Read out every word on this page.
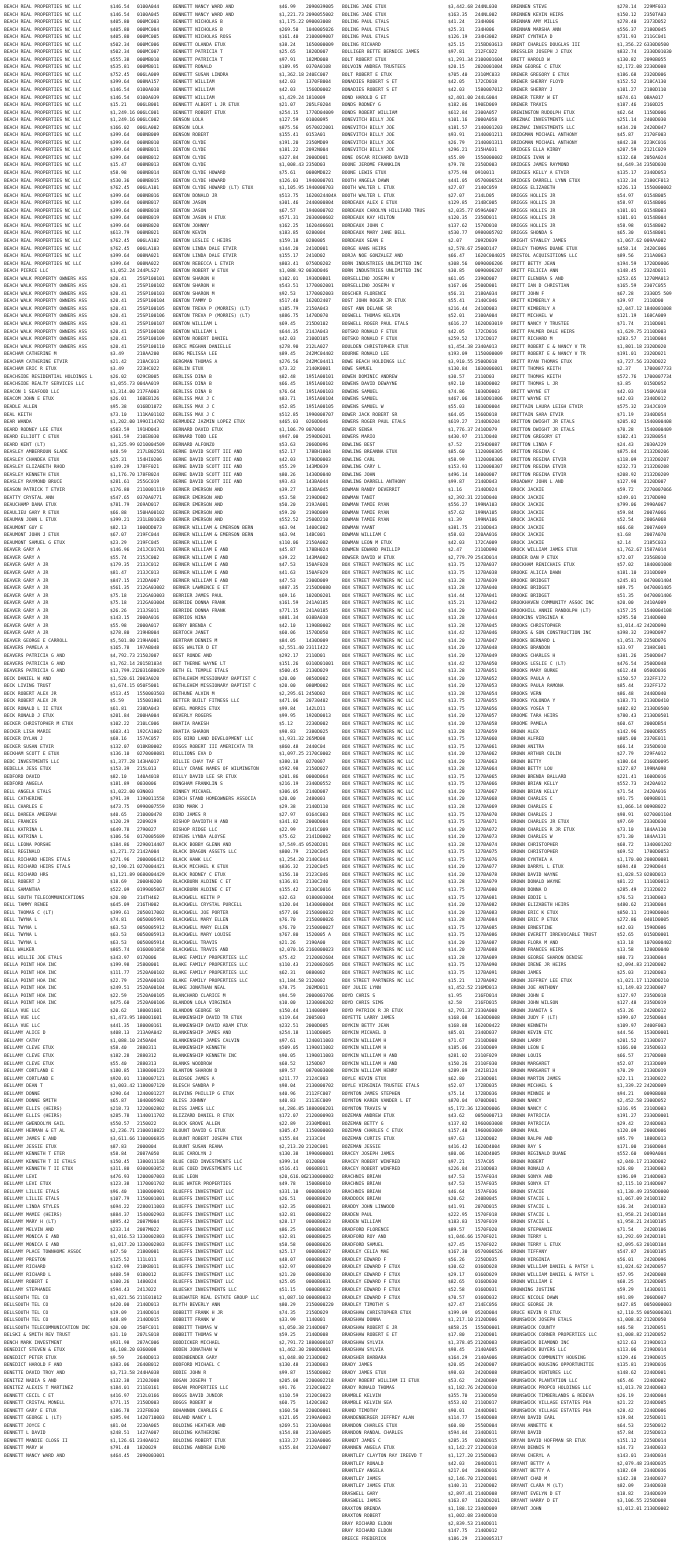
BEACH REAL PROPERTIES NC LLC	$146.54	0100A044
BEACH REAL PROPERTIES NC LLC	$146.54	0100A045
BEACH REAL PROPERTIES NC LLC	$405.80	000MC003
BEACH REAL PROPERTIES NC LLC	$405.80	000MC004
BEACH REAL PROPERTIES NC LLC	$405.80	000MC005
BEACH REAL PROPERTIES NC LLC	$502.34	000MC006
BEACH REAL PROPERTIES NC LLC	$502.34	000MC007
BEACH REAL PROPERTIES NC LLC	$555.38	000MB010
BEACH REAL PROPERTIES NC LLC	$535.81	000MB011
BEACH REAL PROPERTIES NC LLC	$752.45	006LA009
BEACH REAL PROPERTIES NC LLC	$399.64	008NA157
BEACH REAL PROPERTIES NC LLC	$146.54	0100A038
BEACH REAL PROPERTIES NC LLC	$146.54	0100A039
BEACH REAL PROPERTIES NC LLC	$15.21	006LB001
BEACH REAL PROPERTIES NC LLC	$1,249.16 006LC001
BEACH REAL PROPERTIES NC LLC	$1,249.16 006LC002
BEACH REAL PROPERTIES NC LLC	$166.02	006LA002
BEACH REAL PROPERTIES NC LLC	$399.64	008NB009
BEACH REAL PROPERTIES NC LLC	$399.64	008NB010
BEACH REAL PROPERTIES NC LLC	$399.64	008NB011
BEACH REAL PROPERTIES NC LLC	$399.64	008NB012
BEACH REAL PROPERTIES NC LLC	$15.47	008NB013
BEACH REAL PROPERTIES NC LLC	$58.98	008NB014
BEACH REAL PROPERTIES NC LLC	$530.36	008NB015
BEACH REAL PROPERTIES NC LLC	$762.45	006LA101
BEACH REAL PROPERTIES NC LLC	$399.64	008NB016
BEACH REAL PROPERTIES NC LLC	$399.64	008NB017
BEACH REAL PROPERTIES NC LLC	$399.64	008NB018
BEACH REAL PROPERTIES NC LLC	$399.64	008NB019
BEACH REAL PROPERTIES NC LLC	$399.64	008NB020
BEACH REAL PROPERTIES NC LLC	$613.79	008NB021
BEACH REAL PROPERTIES NC LLC	$762.45	006LA102
BEACH REAL PROPERTIES NC LLC	$762.45	006LA103
BEACH REAL PROPERTIES NC LLC	$399.64	008NA021
BEACH REAL PROPERTIES NC LLC	$399.64	008NA022
BEACH PIERCE LLC	$1,052.24 244PLS27
BEACH WALK PROPERTY OWNERS ASS	$20.41	25SP100101
BEACH WALK PROPERTY OWNERS ASS	$20.41	25SP100102
BEACH WALK PROPERTY OWNERS ASS	$20.41	25SP100103
BEACH WALK PROPERTY OWNERS ASS	$20.41	25SP100104
BEACH WALK PROPERTY OWNERS ASS	$20.41	25SP100105
BEACH WALK PROPERTY OWNERS ASS	$20.41	25SP100106
BEACH WALK PROPERTY OWNERS ASS	$20.41	25SP100107
BEACH WALK PROPERTY OWNERS ASS	$20.41	25SP100108
BEACH WALK PROPERTY OWNERS ASS	$20.41	25SP100109
BEACH WALK PROPERTY OWNERS ASS	$20.41	25SP100110
BEACHAM CATHERINE M	$3.49	218AA200
BEACHAM CATHERINE ETVIR	$21.42	218AC013
BEACHAM ERIC R ETUX	$3.49	223HC022
BEACHSIDE RESIDENTIAL HOLDINGS L	$26.02	029CB005
BEACHSIDE REALTY SERVICES LLC	$1,055.73 004AA019
BEACON 1 SEAFOOD LLC	$1,314.00 217FA003
BEACOM JOHN E ETUX	$26.01	16BEB126
BEADLE ALLEN	$95.38	016BD1072
BEAL KEITH	$73.10	111KA01102
BEAR WANDA	$1,202.00 199OI14702
BEARD RODNEY LEE ETUX	$583.59	191HD043
BEARD ELLIOTT C ETUX	$361.59	210EB030
BEARD KENT (LT)	$1,325.99 0210004509
BEASLEY AMBERROUN SLADE	$48.59	217LB02501
BEASLEY CHANDEA ETUX	$25.31	154HI0206
BEASLEY ELIZABETH RHOD	$149.29	178FF021
BEASLEY KENNETH ETUX	$1,176.70 178FB024
BEASLEY RAYMOND BRUCE	$281.61	255GC019
BEASON PATRICK T ETVIR	$176.80	2110001119
BEATTY CRYSTAL ANN	$547.65	0370A0771
BEAUCHAMP DANA ETUX	$781.79	269AD017
BEAULIEU GARY R ETUX	$66.88	150HA00102
BEAUMAN JOHN L ETUX	$399.21	231LB01020
BEAUMONT GUY E	$82.13	1000DD073
BEAUMONT JOHN J ETUX	$67.07	219FC044
BEAUMONT SAMUEL G ETUX	$23.29	219FC045
BEAVER GARY A	$146.96	241JC01701
BEAVER GARY A	$55.74	215JC002
BEAVER GARY A JR	$179.35	213JC012
BEAVER GARY A JR	$81.47	213JC013
BEAVER GARY A JR	$847.15	212DA007
BEAVER GARY A JR	$561.35	212GA03002
BEAVER GARY A JR	$75.18	212GA03003
BEAVER GARY A JR	$75.18	212GA03004
BEAVER GARY A JR	$26.26	213JS011
BEAVER GARY A JR	$143.15	2000A016
BEAVER GARY A JR	$55.98	2000A017
BEAVER GARY A JR	$278.80	219HB004
BEAVER GEORGE E CARROLL	$5,501.80 219HA001
BEAVERS PAMELA A	$165.78	197AB048
BEAVERS PATRICIA G AND	$4,792.73 2150J007
BEAVERS PATRICIA G AND	$1,762.14 2015B1034
BEAVERS PATRICIA G AND	$13,799.21 20316B0029
BECK DANIEL W AND	$1,520.61 2003A020
BECK LIVING TRUST	$1,674.15 050F5001
BECK ROBERT ALEX JR	$513.45	1550003503
BECK ROBERT ALEX JR	$5.59	155001801
BECK RONALD L II ETUX	$61.81	238DA043
BECK RONALD J ETUX	$201.84	200HA004
BECKER CHRISTOPHER M ETUX	$102.22	210LC006
BECKER LISA MARIE	$603.41	192CA1002
BECKER DYLAN J	$68.16	157AC057
BECKER SUSAN ETVIR	$132.07	018KB0002
BECKHAM SCOTT E ETUX	$136.10	0270008081
BEDC INVESTMENTS LLC	$1,377.28 143HA017
BEDELLA JESS ETUX	$153.39	215L013
BEDFORD DAVID	$82.10	140A4018
BEDFORD ANGELA	$181.89	0030006
BELL ANGELA ETALS	$1,022.00 03N003
BELL CATHERINE	$791.39	1190011558
BELL CHARLES E	$473.75	0990007559
BELL DAREEA AMEERAH	$40.65	210000478
BELL FRANCES	$120.29	2209029
BELL KATRINA L	$649.78	2790027
BELL KATRINA L	$106.56	0170005689
BELL LEONA PORSHE	$184.86	2290014407
BELL REGINALD	$1,271.72 2142A004
BELL RICHARD HEIRS ETALS	$271.96	2000006412
BELL RICHARD HEIRS ETALS	$2,190.21 0270004421
BELL RICHARD HRS	$1,121.89 0680004429
BELL ROBERT J	$18.69	2000H0200
BELL SAMANTHA	$522.09	0199005067
BELL SOUTH TELECOMMUNICATIONS	$20.80	214TH462
BELL TAMMY RENEE	$645.09	216TH002
BELL THOMAS C (LT)	$399.61	2050017002
BELL TWYNA L	$74.81	0050005991
BELL TWYNA L	$63.53	0050005912
BELL TWYNA L	$63.53	0050005913
BELL TWYNA L	$63.53	0050005914
BELL WALKER	$865.74	0160001058
BELL WILLIE JOE ETALS	$343.97	0170006
BELLA POINT HOA INC	$199.98	25800001
BELLA POINT HOA INC	$111.77	2520A00102
BELLA POINT HOA INC	$22.79	2520A00103
BELLA POINT HOA INC	$249.51	2520A00104
BELLA POINT HOA INC	$22.59	2520A00105
BELLA POINT HOA INC	$475.60	2520A00106
BELLA VUE LLC	$20.62	180001601
BELLA VUE LLC	$1,473.95 180001601
BELLA VUE LLC	$441.35	180000161
BELLAMY ALICE D	$408.13	213A0A042
BELLAMY CATHY	$1,088.10 2450A04
BELLAMY CLEVE ETUX	$58.40	2880311
BELLAMY CLEVE ETUX	$182.28	2880312
BELLAMY CLEVE ETUX	$55.40	2880313
BELLAMY CORTLAND E	$180.85	1180000123
BELLAMY CORTLAND E	$920.01	1180007121
BELLAMY DEAN T	$1,003.42 1180007120
BELLAMY DONNE	$290.64	1240001227
BELLAMY DONNE SMITH	$65.87	1040005902
BELLAMY ELLIS (HEIRS)	$218.73	1220002802
BELLAMY ELLIS (HEIRS)	$285.78	1140011702
BELLAMY GWENDOLYN GAIL	$550.57	2150022
BELLAMY HERMAN & ET AL	$2,236.71 2100010822
BELLAMY JAMES E AND	$3,611.66 1100006835
BELLAMY JESSIE ETUX	$87.83	2000004
BELLAMY KENNETH T ETER	$58.84	2087A050
BELLAMY KENNETH T II ETALS	$150.45	1380011138
BELLAMY KENNETH T II ETUX	$311.80	0300003052
BELLAMY LEVI	$476.93	1200007003
BELLAMY LEVI ETUX	$123.38	1170001702
BELLAMY LILLIE ETALS	$96.40	1100000901
BELLAMY LILLIE ETALS	$107.79	1150001001
BELLAMY LINDA STYLES	$694.22	2280011003
BELLAMY MAMIE (HEIRS)	$884.37	1540002903
BELLAMY MARY H (LT)	$895.42	2087M004
BELLAMY MELVIN AND	$233.14	2087M022
BELLAMY MONICA E AND	$1,016.53 1330002803
BELLAMY MONICA E AND	$1,017.20 1330002803
BELLAMY PLACE TOWNHOME ASSOC	$47.50	21800001
BELLAMY PRESTON	$125.52	111L011
BELLAMY RICHARD	$142.99	218KB011
BELLAMY RICHARD L	$408.59	0180012
BELLAMY ROBERT E	$100.26	1480024
BELLAMY STEPHANIE	$594.43	241J022
BELLSOUTH TEL CO	$1,021.56 211E01012
BELLSOUTH TEL CO	$420.00	2140D013
BELLSOUTH TEL CO	$19.09	2140D014
BELLSOUTH TEL CO	$48.89	2140D015
BELLSOUTH TELECOMMUNICATION INC	$20.00	250FC011
BELSKI & SMITH REV TRUST	$31.10	207LS018
BENCH MARK INVESTMENT	$931.98	287AC006
BENEDICT STEVEN & ETUX	$6,108.20 0360008
BENEDICT PETER ETUX	$9.59	2640D013
BENEDICT HAROLD F AND	$383.06	2640B012
BENETTE DAVID TROY AND	$3,713.58 244HA038
BENITEZ NADIA S AND	$132.38	2120J008
BENITEZ ALEXIS T MARTINEZ	$184.01	211E0161
BENNETT CECIL C ET	$416.97	212L0166
BENNETT CRISTAL MONELL	$771.15	2150D003
BENNETT GARY E ETUX	$186.78	232FB030
BENNETT GEORGE L (LT)	$395.94	1420710003
BENNETT JOYCE C	$81.04	2230A065
BENNETT L DAVID	$248.51	1427A007
BENNETT MANDIE CLOSS II	$1,126.61 2340A012
BENNETT MARY W	$791.48	1820029
BENNETT NANCY WARD AND	$464.45	2090003001
BENNETT NANCY WARD AND	$46.99	2090039005
BENNETT NANCY WARD AND	$1,221.73 2090055002
BENNETT NICHOLAS B	$1,175.22 090003008
BENNETT NICHOLAS B	$269.50	1040005026
BENNETT NICHOLAS ROSS	$161.40	2100009007
BENNETT OLANDA ETUX	$38.24	1650000009
BENNETT PATRICIA T	$25.65	1820D007
BENNETT PATRICIA T	$97.91	182MD008
BENNETT RONALD	$189.95	0370A0108
BENNETT SUSAN LINDRA	$1,362.18 240EC007
BENNETT WILLIAM	$42.03	1370FB004
BENNETT WILLIAM	$42.03	1560D0002
BENNETT WILLIAM	$1,429.24 1810009
BENNETT ALBERT L JR ETUX	$21.07	205LF0204
BENNETT ROBERT ETUX	$254.15	1770D04009
BENSON LOLA	$127.59	01000095
BENSON LOLA	$875.56	0570022001
BENSON ROBERT	$155.41	0153A01
BENTON CLYDE	$191.20	2350MD09
BENTON CLYDE	$181.22	2092N004
BENTON CLYDE	$327.84	2000D001
BENTON CLYDE	$1,008.43 2350D03
BENTON CLYDE HOWARD	$75.61	0080MD022
BENTON CLYDE HOWARD	$126.03	1940000701
BENTON CLYDE HOWARD (LT) ETUX	$1,105.95 1940000703
BENTON DONALD JR	$513.75	1620024404A
BENTON JASON	$301.46	2440000804
BENTON JASON	$67.57	1940000702
BENTON JASON H ETUX	$571.31	2030000602
BENTON JOHNNY	$162.25	1620406601
BENTON KEVIN	$183.85	0280004
BENTON LESLIE C HEIRS	$159.18	0280005
BENTON LINDA DALE ETVIR	$144.20	2410D001
BENTON LINDA DALE ETVIR	$155.17	2410D02
BENTON REBECCA L ETVIR	$803.41	0750D0202
BENTON ROBERT W ETUX	$1,088.92 0030D046
BENTON SHARON H	$102.01	1930D0B01
BENTON SHARON H	$543.51	1770002001
BENTON SHARON M	$92.53	1770002003
BENTON TAMMY D	$517.40	1620D2407
BENTON TREVA P (MORRIS) (LT)	$185.79	2150A043
BENTON TREVA P (MORRIS) (LT)	$886.75	1470D070
BENTON WILLIAM L	$69.45	215D0102
BENTON WILLIAM L	$644.35	214JA043
BENTON ROBERT DANIEL	$42.03	2100D105
BERCE MEGHAN DANIELLE	$278.90	212LA027
BERG MELISSA LEE	$89.45	242MC04402
BERGMAN THOMAS A	$276.56	242MC04411
BERLIN ETUX	$73.32	2140K0001
BERLISS DINA B	$82.48	1951A00101
BERLISS DINA B	$66.45	1951A00102
BERLISS DINA B	$76.64	1951A00103
BERLISS MAX J C	$83.71	1951A00104
BERLISS MAX J C	$52.85	1951A00105
BERLISS MAX J C	$512.85	1990008707
BERMUDEZ JAZMIN LOPEZ ETUX	$465.03	0260D046
BERNARD DAVID ETUX	$1,106.79 0070004
BERNARD TODD LEE	$947.00	2590D0201
BERNARD ALFONZO	$53.63	2060D096
BERNE DAVID SCOTT III AND	$52.17	178BH1004
BERNE DAVID SCOTT III AND	$42.03	1780D0003
BERNE DAVID SCOTT III AND	$55.29	143MD039
BERNE DAVID SCOTT III AND	$80.26	1430D0040
BERNE DAVID SCOTT III AND	$93.43	143BA044
BERNER EMERSON AND	$39.27	143BA045
BERNER EMERSON AND	$53.58	2190D002
BERNER EMERSON AND	$50.20	219JA001
BERNER EMERSON AND	$59.20	2190D009
BERNER EMERSON AND	$552.52	2500D210
BERNER WILLIAM & EMERSON BERN	$63.94	1400C002
BERNER WILLIAM & EMERSON BERN	$63.94	14BC001
BERNER WILLIAM E	$110.06	2150A002
BERNER WILLIAM E AND	$45.87	178BH024
BERNER WILLIAM E AND	$39.22	143MA002
BERNER WILLIAM E AND	$47.53	150AF028
BERNER WILLIAM E AND	$41.63	150AF029
BERNER WILLIAM E AND	$47.53	2300D009
BERNER LAWRENCE E ET	$887.35	2150D0080
BERRIER JAMES PAUL	$69.16	1020D0201
BERRIDE DONNA FRANK	$161.59	241A0185
BERRIDE DONNA FRANK	$771.15	241A0185
BERRIOS NINA	$881.34	038BA038
BERRY BRENDA C	$42.10	1190B0002
BERTOCH JANET	$60.06	1570D050
BERTRAM DENNIS M	$84.05	1430D009
BESS WALTER D ET	$2,551.40 2311I422
BEST RONDE AND	$292.17	2110D01
BET THERNE WAYNE LT	$151.26	0310D01001
BETH EL TEMPLE ETALS	$500.45	2130D029
BETHLEHEM MISSIONARY BAPTIST C	$20.00	0850D002
BETHLEHEM MISSIONARY BAPTIST C	$20.00	080MD002
BETHUNE ALVIN M	$2,295.61 2450D02
BETTER BUILT FITNESS LLC	$471.06	20730402
BEVEL MORRIS ETUX	$99.84	142LD11
BEVERLY ROGERS	$99.95	1920D0013
BHATIA RAKESH	$5.12	2230D002
BHATIA SHARON	$98.83	2380D025
BIG BIRD LAND DEVELOPMENT LLC	$1,931.32 265MD08
BIGGS ROBERT III AMERICATA TR	$860.48	2440C04
BILLIONS EVA D	$1,097.25 2170C0002
BILLIE CHAY TAF ET	$380.18	0270007
BILLY CRANE NAMES OF WILMINGTON	$592.98	2150D027
BILLY DAVID LEE SR ETUX	$201.86	0000D064
BINGHAM FRANKLIN S	$216.19	2340D0552
BINNEY MICHAEL	$306.05	2140D087
BIRCH STAND HOMEOWNERS ASSOCIA	$20.00	2480003
BIRD MARK J	$29.38	2140D110
BIRD JAMES R	$27.97	0164C003
BISHOP DAVIDTH H AND	$341.82	2000D004
BISHOP RIDGE LLC	$22.99	2141C009
BIVENS LYNDA ALOYSE	$75.62	2141D0002
BLACK BOBBY GLENN AND	$7,549.45 0520D201
BLACK DRAGON ASSETS LLC	$800.79	2120C045
BLACK HAWK LLC	$1,254.20 2140C044
BLACK MICHAEL K ETUX	$836.32	2120C045
BLACK RODNEY C ETUX	$156.10	2123C046
BLACKBURN ALDINE C ET	$136.81	2130C240
BLACKBURN ALDINE C ET	$155.42	2130C0016
BLACKWELL KEITH P	$32.63	0180003004
BLACKWELL CRYSTAL PURCELL	$120.04	1430000004
BLACKWELL JOE PORTER	$577.06	2150000032
BLACKWELL MARY ELLEN	$76.70	2150000026
BLACKWELL MARY ELLEN	$76.70	2150000027
BLACKWELL MARY LOUISE	$767.80	1520005 A
BLACKWELL TRAVIS	$21.26	2190A00
BLACKWELL TRAVIS AND	$2,070.16 2160000023
BLAKE FAMILY PROPERTIES LLC	$75.42	2120002604
BLAKE FAMILY PROPERTIES LLC	$110.43	2120002605
BLAKE FAMILY PROPERTIES LLC	$62.31	0880002
BLAKE FAMILY PROPERTIES LLC	$1,184.58 2120002
BLAKE JONATHAN NEAL	$78.75	202MD011
BLANCHARD CLARICE M	$94.59	2000003706
BLANDON LOLA VIRGINIA	$10.00	1230000202
BLANDON GEORGE SR	$150.44	11400009
BLANKENSHIP DAVID TR ETUX	$119.64	2005003
BLANKENSHIP DAVID ADAM ETUX	$232.51	2000D005
BLANKENSHIP JAMES AND	$254.18	1110D0005
BLANKENSHIP JAMES CALVIN	$97.61	1240011003
BLANKENSHIP KENNETH	$509.05	1190011002
BLANKENSHIP KENNETH INC	$90.05	1190011003
BLANKS WOODROW	$68.52	1250D07
BLANTON SHARON D	$89.57	0870003008
BLEDSOE JAMES A	$211.77	2124C003
BLESCH SANDRA P	$98.04	2130000702
BLEVINS PHILLIP G ETUX	$40.96	2112FC007
BLISS JOHNNY	$40.83	2113EC009
BLISS JAMES LLC	$4,286.85 1880000201
BLIZZARD DANIEL R ETUX	$172.07	2120000903
BLOCK GROVE ALLEN	$22.89	2330MD001
BLOUNT DAVID G ETUX	$305.47	1150000003
BLOUNT ROBERT JOSEPH ETUX	$155.84	2133C04
BLOUNT SUSAN REANA	$2,213.20 2120C001
BLUE CAROLYN J	$130.38	1990000001
BLUE COED INVESTMENTS LLC	$399.14	0120B00
BLUE COED INVESTMENTS LLC	$516.41	0060B011
BLUE LEON	$20,616.06 2130000002
BLUE WATER PROPERTIES	$49.78	1500B0010
BLUEFFS INVESTMENT LLC	$331.10	0000B0019
BLUEFFS INVESTMENT LLC	$26.51	0000B0020
BLUEFFS INVESTMENT LLC	$32.35	0000B0021
BLUEFFS INVESTMENT LLC	$32.81	0000B0022
BLUEFFS INVESTMENT LLC	$28.17	0000B0023
BLUEFFS INVESTMENT LLC	$86.25	0000B0024
BLUEFFS INVESTMENT LLC	$32.81	0000B0025
BLUEFFS INVESTMENT LLC	$58.58	0000B0026
BLUEFFS INVESTMENT LLC	$25.17	0000B0027
BLUEFFS INVESTMENT LLC	$48.07	0000B0028
BLUEFFS INVESTMENT LLC	$32.97	0000B0029
BLUEFFS INVESTMENT LLC	$21.20	0000B0030
BLUEFFS INVESTMENT LLC	$25.05	0000B0031
BLUESKY INVESTMENTS LLC	$51.15	0000B0032
BLUEWATER REAL ESTATE GROUP LLC	$1,087.10 0000B0033
BLYTH BEVERLY ANN	$80.29	2150000220
BOBBITT FRANK H JR	$74.35	2150D029
BOBBITT FRANK W	$33.99	1140001
BOBBITT THOMAS W	$1,050.38 2140D007
BOBBITT THOMAS W	$59.25	2140D008
BODDICKER MICHAEL	$2,791.72 1880000107
BODEN JONATHAN W	$1,462.30 2000D0001
BODENBENDER GARY	$1,048.80 2130D002
BODFORD MICHAEL C	$130.48	2130D003
BODIE JOHN R	$99.87	1550D0002
BOGAN JOSEPH T	$205.08	2200002218
BOGAN PROPERTIES LLC	$91.76	2120C0022
BOGGS DAVID JUNIOR	$110.59	2120C0023
BOGGS ROBERT W	$60.75	1420C002
BOHANNON CHARLES E	$160.50	2200D0001
BOLAND NANCY L	$121.05	2190A0003
BOLDING HEATHER AND	$269.51	2130A0004
BOLDING KATHERINE	$154.88	2130A0005
BOLDING ROBERT ETUX	$133.27	2130A0006
BOLDING ANDREW ELMO	$155.84	2120A0007
BOLING JADE ETUX	$3,442.68 244NL030
BOLING JADE ETUX	$163.35	244NL002
BOLING PAUL ETALS	$41.24	234H006
BOLING PAUL ETALS	$25.31	234H006
BOLING PAUL ETALS	$126.19	234H3002
BOLING RICHARD	$25.15	215BD03613
BOLLIGER BETTE BERNICE JAMES	$97.81	212FC022
BOLT ROBERT ETUX	$1,291.34 2100001604
BOLVOIN ANDREA TRUSTEES	$20.15	2020001004
BOLT ROBERT E ETUX	$705.40	2310MC033
BONADIES ROBERT S ET	$42.05	172CD018
BONADIES ROBERT S ET	$42.03	1580007012
BOND HAROLD G ET	$2,401.00 244LG004
BONDS RODNEY G	$182.86	190ED069
BONDS ROBERT WILLIAM	$612.84	2300A057
BONEVITCH BILLY JOE	$101.16	2000A058
BONEVITCH BILLY JOE	$181.57	2140001203
BONEVITCH BILLY JOE	$93.91	2140001211
BONEVITCH BILLY JOE	$26.79	2140001311
BONEVITCH BILLY JOE	$296.21	215HA031
BONE OSCAR RICHARD DAVID	$55.89	1550000002
BOONE JEROME FRANKLIN	$79.78	2350D003
BOONE LEWIS ETUX	$775.98	0910011
BOOTH ANGELA DAWN	$441.05	0570006524
BOOTH WALTER L ETUX	$27.07	2140C059
BOOTH WALTER L ETUX	$27.07	214LD05
BORDEAUX ALEX E ETUX	$129.85	214BC005
BORDEAUX CAROLYN HILLIARD TRUS	$2,035.77 0596A007
BORDEAUX KAY HILTON	$120.35	2350D011
BORDEAUX JOHN C	$137.62	1570D010
BORDEAUX MARY JANE BELL	$530.77	0980005702
BORDEAUX SEAN E	$2.07	2092D039
BORGE HANS HEIRS	$2,578.67 2500D147
BORJA NOE GONZALEZ AND	$66.47	1620C004025
BORN INDUSTRIES UNLIMITED INC	$308.56	0090006206
BORN INDUSTRIES UNLIMITED INC	$30.85	0090006207
BORSELLINO JOSEPH V	$61.05	2390D007
BORSELLINO JOSEPH V	$167.06	2500D001
BOSCHER FLORENCE	$56.31	2180A034
BOST JOHN ROGER JR ETUX	$55.41	2140C046
BOST ANN DELANE SR	$216.44	2410D003
BOSWELL THOMAS KELVIN	$52.01	2100A004
BOSWELL ROGER PAUL ETALS	$616.27	1620D03019
BOTSKO RONALD F ETUX	$42.05	172CD016
BOTSKO RONALD F ETUX	$259.52	172CD017
BOULDEN CHRISTOPHER ETUX	$1,454.38 2340A013
BOURNE RONALD LEE	$193.09	1150000009
BOWE BEACH HOLDINGS LLC	$3,910.55 2500D018
BOWE SAMUEL	$130.84	1030006001
BOWEN DOMINIC ANDREW	$30.57	2110D03
BOWENS DAVID DEWAYNE	$92.10	1030D0002
BOWENS SAMUEL	$74.86	1030D0003
BOWENS SAMUEL	$467.06	1810D01806
BOWENS SAMUEL W	$55.03	1030D0004
BOWER JACK ROBERT SR	$64.05	1560D018
BOWERS ROGER PAUL ETALS	$619.27	2140D0204
BOWER SENSA	$1,776.37 2410D079
BOWERS MARIO	$430.97	211JD040
BOWLING BEST	$7.52	215HD0087
BOWLING BREANNA ETUX	$85.60	1120000305
BOWLING CARL	$58.99	1120000306
BOWLING CARY L	$153.93	1120000307
BOWLING JOHN	$496.14	14000007
BOWLING DARRELL ANTHONY	$99.87	2140D043
BOWMAN RANDY DEVERRIT	$1.16	2140D024
BOWMAN TANIT	$2,392.31 2210D040
BOWMAN TAMIE RYAN	$556.27	199NA103
BOWMAN TAMIE RYAN	$57.62	199NA105
BOWMAN TAMIE RYAN	$1.39	199NA106
BOWMAN YAANT	$381.75	2110D043
BOWMAN WILLIAM C	$58.03	220AA016
BOWMAN LEON M ETUX	$42.03	172CA009
BOWMEN EDWARD PHILLIP	$2.47	2110D090
BOWSER DAVID W ETUX	$2,779.79 2543D014
BOX STREET PARTNERS NC LLC	$13.75	127BA037
BOX STREET PARTNERS NC LLC	$13.75	127BA038
BOX STREET PARTNERS NC LLC	$13.28	127BA039
BOX STREET PARTNERS NC LLC	$13.28	127BA040
BOX STREET PARTNERS NC LLC	$14.44	127BA041
BOX STREET PARTNERS NC LLC	$15.21	127BA042
BOX STREET PARTNERS NC LLC	$14.20	127BA043
BOX STREET PARTNERS NC LLC	$13.28	127BA044
BOX STREET PARTNERS NC LLC	$13.28	127BA045
BOX STREET PARTNERS NC LLC	$14.42	127BA046
BOX STREET PARTNERS NC LLC	$14.20	127BA047
BOX STREET PARTNERS NC LLC	$14.20	127BA048
BOX STREET PARTNERS NC LLC	$14.20	127BA049
BOX STREET PARTNERS NC LLC	$14.42	127BA050
BOX STREET PARTNERS NC LLC	$13.28	127BA051
BOX STREET PARTNERS NC LLC	$14.20	127BA052
BOX STREET PARTNERS NC LLC	$14.20	127BA053
BOX STREET PARTNERS NC LLC	$13.28	127BA054
BOX STREET PARTNERS NC LLC	$13.75	127BA055
BOX STREET PARTNERS NC LLC	$13.75	127BA056
BOX STREET PARTNERS NC LLC	$14.20	127BA057
BOX STREET PARTNERS NC LLC	$14.20	127BA058
BOX STREET PARTNERS NC LLC	$13.28	127BA059
BOX STREET PARTNERS NC LLC	$13.75	127BA060
BOX STREET PARTNERS NC LLC	$13.75	127BA061
BOX STREET PARTNERS NC LLC	$14.20	127BA062
BOX STREET PARTNERS NC LLC	$14.20	127BA063
BOX STREET PARTNERS NC LLC	$13.28	127BA064
BOX STREET PARTNERS NC LLC	$13.75	127BA065
BOX STREET PARTNERS NC LLC	$13.75	127BA066
BOX STREET PARTNERS NC LLC	$14.20	127BA067
BOX STREET PARTNERS NC LLC	$14.20	127BA068
BOX STREET PARTNERS NC LLC	$13.28	127BA069
BOX STREET PARTNERS NC LLC	$13.75	127BA070
BOX STREET PARTNERS NC LLC	$13.75	127BA071
BOX STREET PARTNERS NC LLC	$14.20	127BA072
BOX STREET PARTNERS NC LLC	$14.20	127BA073
BOX STREET PARTNERS NC LLC	$13.28	127BA074
BOX STREET PARTNERS NC LLC	$13.75	127BA075
BOX STREET PARTNERS NC LLC	$13.75	127BA076
BOX STREET PARTNERS NC LLC	$14.20	127BA077
BOX STREET PARTNERS NC LLC	$14.20	127BA078
BOX STREET PARTNERS NC LLC	$13.28	127BA079
BOX STREET PARTNERS NC LLC	$13.75	127BA080
BOX STREET PARTNERS NC LLC	$13.75	127BA081
BOX STREET PARTNERS NC LLC	$14.20	127BA082
BOX STREET PARTNERS NC LLC	$14.20	127BA083
BOX STREET PARTNERS NC LLC	$13.28	127BA084
BOX STREET PARTNERS NC LLC	$13.75	127BA085
BOX STREET PARTNERS NC LLC	$13.75	127BA086
BOX STREET PARTNERS NC LLC	$14.20	127BA087
BOX STREET PARTNERS NC LLC	$14.20	127BA088
BOX STREET PARTNERS NC LLC	$13.28	127BA089
BOX STREET PARTNERS NC LLC	$13.75	127BA090
BOX STREET PARTNERS NC LLC	$13.75	127BA091
BOX STREET PARTNERS NC LLC	$15.21	127BA092
BOY JULIE LYNN	$1,452.52 216MD013
BOYD CHRIS S	$1.95	216FD014
BOYD CHRIS SIMS	$2.58	216FD015
BOYD PATRICK R JR ETUX	$2,791.37 2330A008
BOYETTE LARRY JAMES	$168.08	1630D0008
BOYKIN BETTY JEAN	$168.88	1620D0422
BOYKIN MICHAEL D	$85.01	2340D037
BOYKIN WILLIAM H	$71.67	2310D008
BOYKIN WILLIAM H	$185.06	2310D009
BOYKIN WILLIAM H AND	$281.02	2310F029
BOYKIN WILLIAM H AND	$150.26	2310F030
BOYKIN WILLIAM HENRY	$289.89	2421B124
BOYLE KEVIN ETUX	$62.80	2130D001
BOYLE VIRGINIA TRUSTEE ETALS	$52.07	172BD035
BOYNTON JAMES STEPHEN	$75.14	172BD036
BOYNTON KAREN VANDER L ET	$870.04	0700D001
BOYNTON TRAVIS W	$5,172.36 1230D0006
BOZEMAN ANDREW ETUX	$43.62	0050000713
BOZEMAN BETTY G	$137.82	1960003008
BOZEMAN CHARLES C ETUX	$157.48	1960003009
BOZEMAN CURTIS ETUX	$97.63	1320D002
BOZEMAN JESSIE	$416.42	1620D4004
BRACEY JOSEPH JAMES	$80.06	1620D4005
BRACEY ROBERT WINFRED	$97.21	157AC05
BRACEY ROBERT WINFRED	$226.84	2110D003
BRACHNIS BRIAN	$47.53	157AF034
BRACHNIS BRIAN	$47.53	157AF035
BRACHNIS BRIAN	$46.64	157AF036
BRADDOCK BRIAN	$20.62	240B0045
BRADDY JOHN LINWOOD	$41.91	2070D015
BRADEN PAUL	$222.95	1570F018
BRADEN WILLIAM	$183.83	1570F019
BRADFORD FLORENCE	$89.57	1570F020
BRADFORD ROY AND	$1,046.66 1570F021
BRADFORD SAMUEL	$27.45	1570F022
BRADLEY CELIA MAE	$167.30	0570006526
BRADLEY EDWARD F	$56.26	2250D035
BRADLEY EDWARD F ETUX	$30.62	0160D028
BRADLEY EDWARD F ETUX	$29.17	0160D029
BRADLEY EDWARD F ETUX	$82.65	0160D030
BRADLEY EDWARD F ETUX	$52.58	0160D031
BRADLEY EDWARD F ETUX	$70.57	0160D032
BRADLEY TIMOTHY S	$27.47	214EC056
BRADSHAW CHRISTOPHER ETUX	$199.09	0520D004
BRADSHAW DONNA	$1,217.10 2120D006
BRADSHAW ROBERT E JR	$858.25	1550D0001
BRADSHAW ROBERT E ET	$17.80	2120D001
BRADSHAW SYLVIA	$1,378.05 2120D003
BRADSHAW SYLVIA	$98.45	2140A005
BRADSHER BARBARA	$164.29	2140A006
BRADY JAMES	$20.85	2420D007
BRADY JAMES ETUX	$98.03	2420D008
BRADY ROBERT WILLIAM II ETUX	$53.62	2420D009
BRADY RONALD THOMAS	$1,182.76 2420D010
BRAMBLE KELVIN	$355.70	2130D050
BRAMBLE KELVIN SEA	$553.02	2110D017
BRAND TIMOTHY	$90.01	2440D001
BRANDENBERGER JEFFREY ALAN	$114.77	1540D008
BRANDON CHARLES ETUX	$60.80	2550D004
BRANDON RANDAL CHARLES	$594.84	2340D011
BRANDT JAMES C	$285.35	0280D015
BRANNEN ANGELA ETUX	$1,142.27 2120D018
BRANTLEY CLAYTON RAY IREEVD T	$1,127.20 2150D003
BRANTLEY RONALD	$42.03	2040D011
BRANTLEY ANGELA	$217.04	2040D016
BRANTLEY JAMES	$2,146.70 2120D001
BRANTLEY JAMES ETUX	$140.31	2120D002
BRASWELL GARY	$2,897.41 2140D008
BRASWELL JAMES	$163.87	1620D0201
BRAXTON BRENDA	$1,188.12 2340D009
BRAXTON ROBERT	$1,002.08 2340D010
BRAY RICHARD ELDON	$2,839.53 2140D011
BRAY RICHARD ELDON	$147.75	2140D012
BREECE FREDERICK	$186.29	2130005317
BRENNEN STEVE	$278.14	229MF033
BRENNEN KEVIN HEIRS	$150.12	2350TA03
BRENNAN AMY MILLS	$278.40	2373D052
BRENNAN MARSHA ANN	$556.37	2180D045
BRENT CYNTHIA D	$731.93	211GC041
BRENT CHARLES DOUGLAS III	$1,356.22 6330D0500
BRESSLER JOSEPH J ETUX	$832.74	2330D01030
BRETT HAROLD W	$130.82	2090B055
BREW GEORGE C ETUX	$2,172.08 2230D008
BREWER GREGORY E ETUX	$186.68	2320D006
BREWER SHERRY FLOYD	$152.52	218CA130
BREWER SHERRY J	$101.27	2180D110
BREWER TERRY W ET	$674.61	0BAA017
BREWER TRAVIS	$187.46	2160D25
BREWINGTON RUDOLPH ETUX	$62.64	1150D006
BREZNAC INVESTMENTS LLC	$251.14	2400D030
BREZNAC INVESTMENTS LLC	$434.20	2420D047
BRIDGMAN MICHAEL ANTHONY	$45.87	2170F003
BRIDGMAN MICHAEL ANTHONY	$842.38	223KC016
BRIDGES ELLA KIRBY	$207.59	2121C029
BRIDGES IVAN W	$132.68	2050A024
BRIDGES JAMES RAYMOND	$4,649.34 2350D030
BRIDGES KELLY A ETVIR	$135.17	2340D053
BRIDGES DARRELL LYNN ETUX	$132.34	2180CF013
BRIGGS ELIZABETH	$226.13	1550000002
BRIGGS HOLLIS JR	$54.97	0154B005
BRIGGS HOLLIS JR	$58.97	0154B006
BRIGGS HOLLIS JR	$101.01	0154B003
BRIGGS HOLLIS JR	$101.01	0154B004
BRIGGS HOLLIS JR	$58.98	0154B002
BRIGGS SHONDA S	$65.30	0154B001
BRIGHT STANLEY JAMES	$1,067.62 009AA002
BRILEY THOMAS DUANE ETUX	$458.14	2420C006
BRISTOL ACQUISITIONS LLC	$89.56	211A0063
BRITT BETTY JEAN	$194.59	1720D0006
BRITT FELICIA ANN	$148.45	2324D011
BRITT ELENORA S AND	$253.65	1270MA013
BRITT IAN D CHRISTIAN	$165.59	2307C055
BRITT JOHN F	$67.28	2330D5 509
BRITT KIMBERLY A	$39.97	2110D00
BRITT KIMBERLY A	$2,047.12 1840001008
BRITT MICHAEL W	$121.19	168CA009
BRITT NANCY Y TRUSTEE	$71.74	2110D001
BRITT PALMER DALE HEIRS	$1,629.75 2110D003
BRITT RICHARD M	$283.57	2110D004
BRITT ROBERT E & NANCY V TR	$1,801.18 2320D020
BRITT ROBERT E & NANCY V TR	$191.01	2320D021
BRITT RYAN THOMAS ETUX	$3,727.56 2320D022
BRITT THOMAS KEITH	$2.37	1700007733
BRITT THOMAS KEITH	$572.76	1700007734
BRITT THOMAS L JR	$3.85	0150D052
BRITT WAYNE ET	$42.03	156KA018
BRITT WAYNE ET	$42.03	2340D012
BRITTAIN LAURA LEIGH ETVIR	$575.32	234JC019
BRITTAIN SARA ETVIR	$71.19	2340D054
BRITTON DWIGHT JR ETALS	$205.82	1540000408
BRITTON DWIGHT JR ETALS	$70.28	1540000409
BRITTON GREGORY ET	$102.41	232B0054
BRITTON LINDA F	$24.43	2030A229
BRITTON REGINA C	$875.84	2132D0206
BRITTON REGINA ETVIR	$118.09	2132D0207
BRITTON REGINA ETVIR	$232.73	2132D0208
BRITTON REGINA ETVIR	$208.92	2132D0209
BROADWAY JOHN L AND	$127.98	2120D007
BROCK JACKIE	$59.72	2270007066
BROCK JACKIE	$249.01	2170D090
BROCK JACKIE	$799.06	2990A067
BROCK JACKIE	$59.84	2007A066
BROCK JACKIE	$52.54	2006A068
BROCK JACKIE	$66.68	2007A069
BROCK JACKIE	$1.68	2007A070
BROCK JACKIE	$2.14	2185C033
BROCK WILLIAM JAMES ETUX	$1,762.67 1587A014
BRODER DAN P ETUX	$72.07	2356B010
BROCKHAM RENICHAIS ETUX	$57.02	1840001008
BROOKE ALICIA DAWN	$181.10	2310D009
BROOKE BRIDGET	$245.81	0470001404
BROOKE BRIDGET	$89.75	0470001405
BROOKE BRIDGET	$51.35	0470001406
BROOKHAVEN COMMUNITY ASSOC INC	$20.00	2410A009
BROOKHILL ANNIE RANDOLPH (LT)	$157.25	1540004108
BROOKINS VIRGINIA K	$295.50	2140D000
BROOKS CHRISTOPHER	$1,014.42 2420D090
BROOKS & SON CONSTRUCTION INC	$398.32	2390D097
BROOKS BERNARD L	$1,051.78 2250D076
BROOKS BRANDON	$33.97	21H8C001
BROOKS CHARLES H	$381.26	2500D047
BROOKS LESLIE C (LT)	$476.54	2500D048
BROOKS MARY BURKE	$612.48	0500D036
BROOKS PAULA A	$150.57	232FF172
BROOKS PAULA RAMONA	$85.44	232FF172
BROOKS VERN	$86.48	2440D040
BROOKS YOLONDA Y	$183.71	2130D0410
BROOKS YOSEA T	$402.82	2130D0500
BROOME TARA HEIRS	$780.43	2130D0501
BROOME PAMELA	$60.67	2000DB54
BROWN ALEX	$142.96	2000DB55
BROWN ALFRED	$805.00	2370E011
BROWN ANITRA	$66.14	2350D010
BROWN ARTHUR COLIN	$27.79	229FA012
BROWN BETTY	$180.64	2160D0095
BROWN BETTY LOU	$127.87	199NA098
BROWN BRENDA BALLARD	$221.41	1600D016
BROWN BRIAN KELLY	$552.73	2420A012
BROWN BRIAN KELLY	$71.54	2420A016
BROWN CHARLES C	$91.75	0090B011
BROWN CHARLES E	$1,066.14 0090B022
BROWN CHARLES J	$98.91	0270001104
BROWN CHARLES JR ETUX	$97.69	2330D030
BROWN CHARLES R JR ETUX	$73.10	184AA130
BROWN CHARLES W	$71.30	184AA131
BROWN CHRISTOPHER	$68.72	1340001202
BROWN CHRISTOPHER	$69.52	1780D0053
BROWN CYNTHIA A	$1,170.00 2080D0081
BROWN DARRYL L ETUX	$694.48	2290D044
BROWN DAVID WAYNE	$1,028.53 0280D013
BROWN DONALD WAYNE	$81.22	1110D0013
BROWN DONNA D	$285.49	2132D022
BROWN EDDIE L	$76.53	2130D003
BROWN ELIZABETH HEIRS	$480.62	2130D004
BROWN ERIC K ETUX	$850.11	2190D0004
BROWN ERIC P ETUX	$272.86	0401D0005
BROWN ERNESTINE	$42.03	1590D086
BROWN EVERETT IRREVOCABLE TRUST	$52.65	0150D0001
BROWN FLORA M AND	$13.18	1070000402
BROWN FRANCES HEIRS	$13.58	1280D0040
BROWN GEORGE SHARON DENISE	$80.73	2330D004
BROWN IRENE JR HEIRS	$2,094.83 2120D002
BROWN JAMES	$25.03	2120D003
BROWN JEFFREY LEE ETUX	$1,021.17 1120D0210
BROWN JOE ANTHONY	$1,149.03 2230D007
BROWN JOHN E	$127.97	2350D018
BROWN JOHN WILSON	$127.48	2350D019
BROWN JUANITA S	$53.26	2420D012
BROWN JUDY F (LT)	$399.07	2250D004
BROWN KENNETH	$109.97	2400F003
BROWN KEVIN ETC	$44.56	1530D0001
BROWN LARRY	$201.52	2130D017
BROWN LEON E	$166.00	2350D033
BROWN LOUIS	$66.57	2170D008
BROWN MARGARET	$52.07	2133D009
BROWN MARGARET H	$70.29	2130D019
BROWN MARTIN JAMES	$22.11	2130D022
BROWN MICHAEL S	$1,339.22 2420D009
BROWN MINNIE W	$94.21	0090B008
BROWN NANCY	$2,452.58 2300D052
BROWN NANCY C	$316.95	2310D003
BROWN PATRICIA	$191.27	2330D0001
BROWN PATRICIA	$29.42	2240D003
BROWN PAUL	$120.09	2000D006
BROWN RALPH AND	$95.79	1880D013
BROWN RAY S	$171.00	2160D004
BROWN REGINALD DUANE	$552.60	0090A004
BROWN ROBERT	$2,040.17 2130D002
BROWN RONALD A	$26.80	2130D003
BROWN SONYA AND	$196.09	2140D003
BROWN SONYA ET	$2,115.10 2140D007
BROWN STACIE	$1,130.49 2350D0000
BROWN STACIE L	$1,067.09 2410D102
BROWN STACIE L	$36.34	2410D103
BROWN STACIE L	$1,958.21 2410D104
BROWN STACIE L	$1,958.21 2410D105
BROWN STEPHANIE	$71.54	2420D106
BROWN TERRY L	$3,292.69 2420D101
BROWN TERRY L ETUX	$2,095.63 2010D104
BROWN TIFFANY	$547.87	2010D105
BROWN VIRGINIA	$56.01	2420D096
BROWN WILLIAM DANIEL & PATSY L	$1,024.62 2420D057
BROWN WILLIAM DANIEL & PATSY L	$57.95	2420D008
BROWN WILLIAM E	$68.25	2120D005
BROWNING JUSTINE	$59.29	1430D011
BRUCE NICOLE DAWN	$91.89	2060D007
BRUCE GEORGE JR	$427.85	0050000003
BRUCE KEVIN R ETUX	$2,110.55 0050000301
BRUNSWICK JOSEPH ETALS	$1,008.82 2120D050
BRUNSWICK COUNTY	$46.58	2120D051
BRUNSWICK CORNER PROPERTIES LLC	$1,008.82 2120D052
BRUNSWICK DIAMOND INC	$212.63	2190D013
BRUNSWICK BUYERS LLC	$113.06	2190D014
BRUNSWICK COMMUNITY HOUSING	$129.46	2190D015
BRUNSWICK HOUSING OPPORTUNITIE	$135.81	2190D016
BRUNSWICK VENTURES LLC	$148.62	2240D001
BRUNSWICK PLANTATION LLC	$65.46	2240D002
BRUNSWICK PROPCO HOLDINGS LLC	$1,013.78 2240D003
BRUNSWICK TIMBERLANDS & REDEVA	$26.19	2240D004
BRUNSWICK VILLAGE ESTATES POA	$21.22	2240D005
BRUNSWICK VILLAGE ESTATES POA	$28.42	2240D006
BRYAN DAVID EARL	$19.84	2250D011
BRYAN ANNETTE K	$64.53	2250D012
BRYAN DAVID	$57.84	2250D013
BRYAN DAVID HOFFMAN SR ETUX	$151.12	2250D014
BRYAN DENNIS M	$34.73	2340D033
BRYAN CHERYL A	$143.01	2340D034
BRYANT BETTY A	$2,079.48 2340D035
BRYANT BETTY A	$182.69	2340D036
BRYANT CHAD M	$142.38	2340D037
BRYANT CLARA M (LT)	$82.09	2340D038
BRYANT EVELYN D ET	$18.82	2340D039
BRYANT HARRY D ET	$3,106.55 2250D008
BRYANT JOHN	$1,012.01 2130D0002
